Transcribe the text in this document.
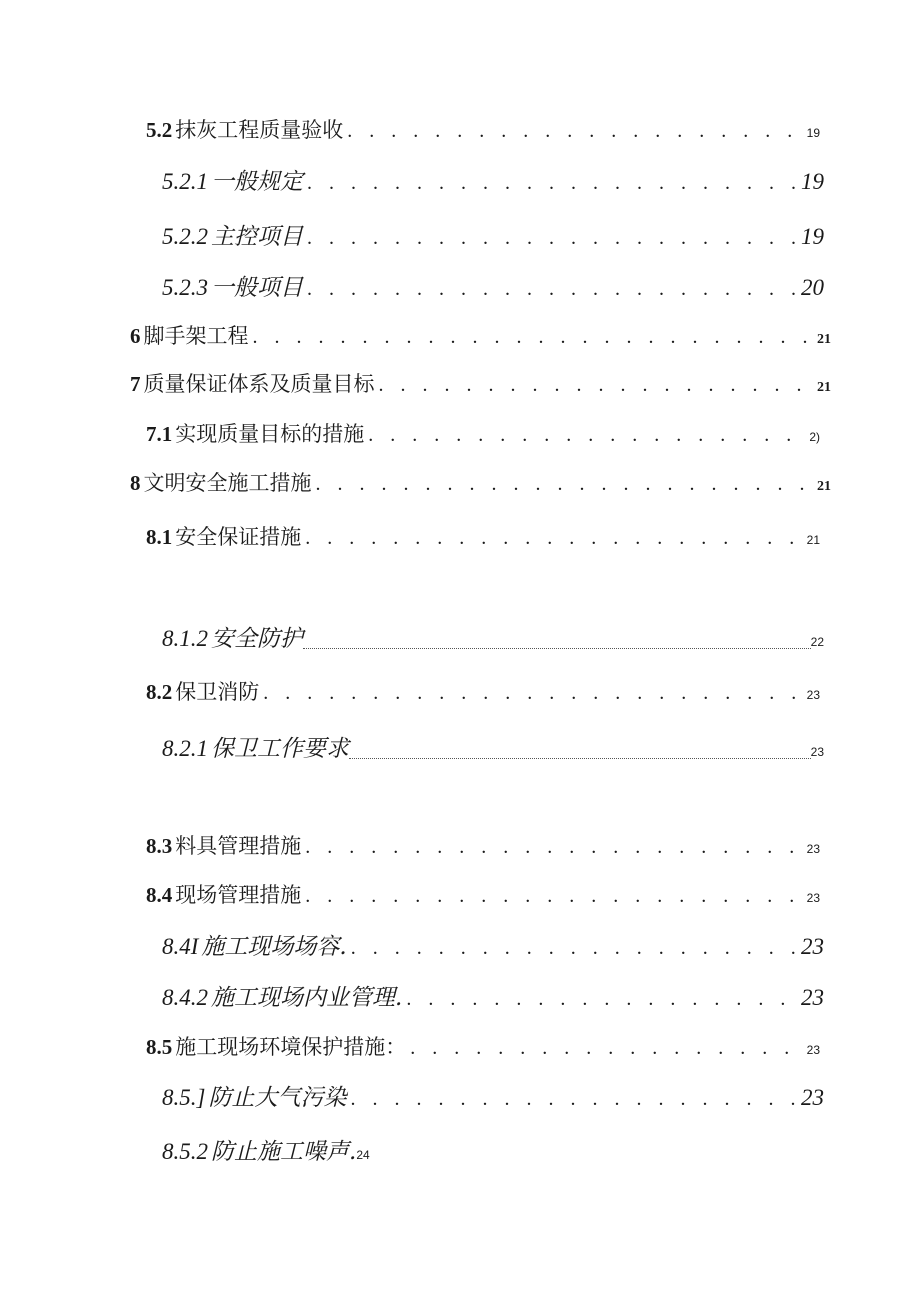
5.2 抹灰工程质量验收 . . .	19
5.2.1 一般规定 . . .	19
5.2.2 主控项目 . . .	19
5.2.3 一般项目 . . .	20
6 脚手架工程 . . .	21
7 质量保证体系及质量目标 . . .	21
7.1 实现质量目标的措施 . . .	2)
8 文明安全施工措施 . . .	21
8.1 安全保证措施 . . .	21
8.1.2 安全防护	22
8.2 保卫消防 . . .	23
8.2.1 保卫工作要求	23
8.3 料具管理措施 . . .	23
8.4 现场管理措施 . . .	23
8.4I 施工现场场容. . . .	23
8.4.2 施工现场内业管理. . . .	23
8.5 施工现场环境保护措施： . . .	23
8.5.] 防止大气污染 . . .	23
8.5.2 防止施工噪声. 24
